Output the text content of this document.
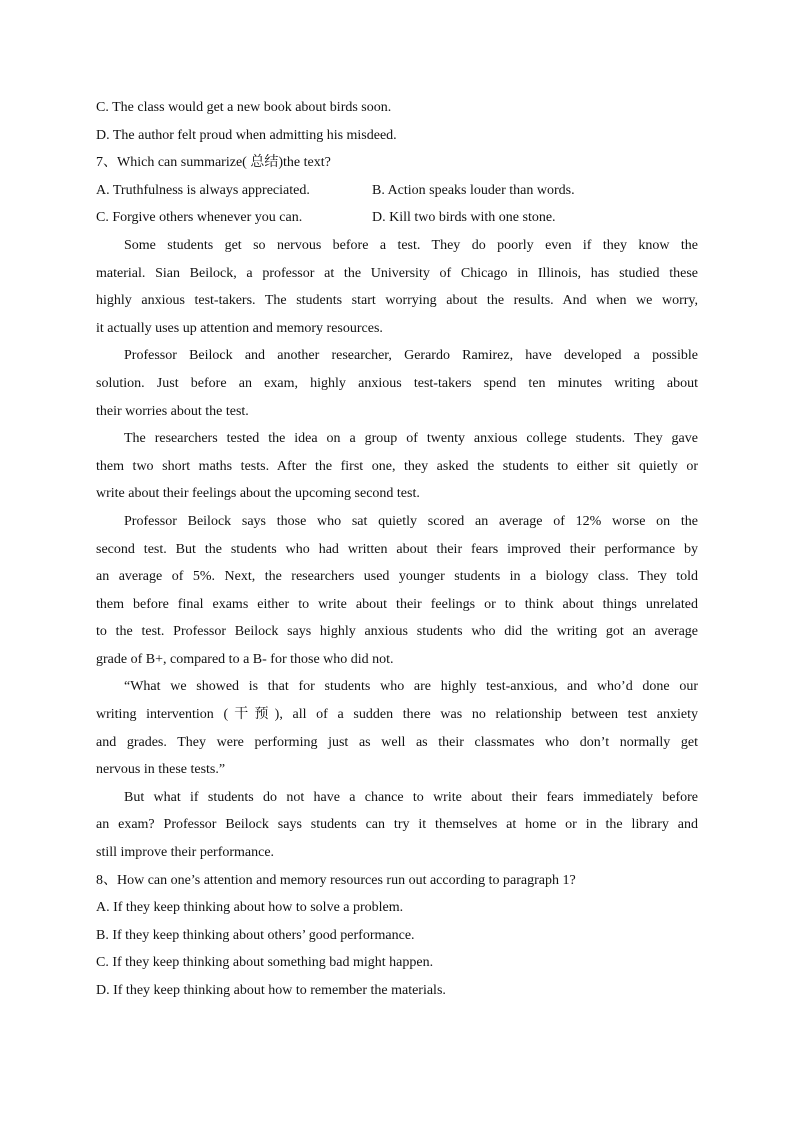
C. The class would get a new book about birds soon.
D. The author felt proud when admitting his misdeed.
7、Which can summarize( 总结)the text?
A. Truthfulness is always appreciated.	B. Action speaks louder than words.
C. Forgive others whenever you can.	D. Kill two birds with one stone.
Some students get so nervous before a test. They do poorly even if they know the
material. Sian Beilock, a professor at the University of Chicago in Illinois, has studied these
highly anxious test-takers. The students start worrying about the results. And when we worry,
it actually uses up attention and memory resources.
Professor Beilock and another researcher, Gerardo Ramirez, have developed a possible
solution. Just before an exam, highly anxious test-takers spend ten minutes writing about
their worries about the test.
The researchers tested the idea on a group of twenty anxious college students. They gave
them two short maths tests. After the first one, they asked the students to either sit quietly or
write about their feelings about the upcoming second test.
Professor Beilock says those who sat quietly scored an average of 12% worse on the
second test. But the students who had written about their fears improved their performance by
an average of 5%. Next, the researchers used younger students in a biology class. They told
them before final exams either to write about their feelings or to think about things unrelated
to the test. Professor Beilock says highly anxious students who did the writing got an average
grade of B+, compared to a B- for those who did not.
“What we showed is that for students who are highly test-anxious, and who’d done our
writing intervention (干预), all of a sudden there was no relationship between test anxiety
and grades. They were performing just as well as their classmates who don’t normally get
nervous in these tests.”
But what if students do not have a chance to write about their fears immediately before
an exam? Professor Beilock says students can try it themselves at home or in the library and
still improve their performance.
8、How can one’s attention and memory resources run out according to paragraph 1?
A. If they keep thinking about how to solve a problem.
B. If they keep thinking about others’ good performance.
C. If they keep thinking about something bad might happen.
D. If they keep thinking about how to remember the materials.
